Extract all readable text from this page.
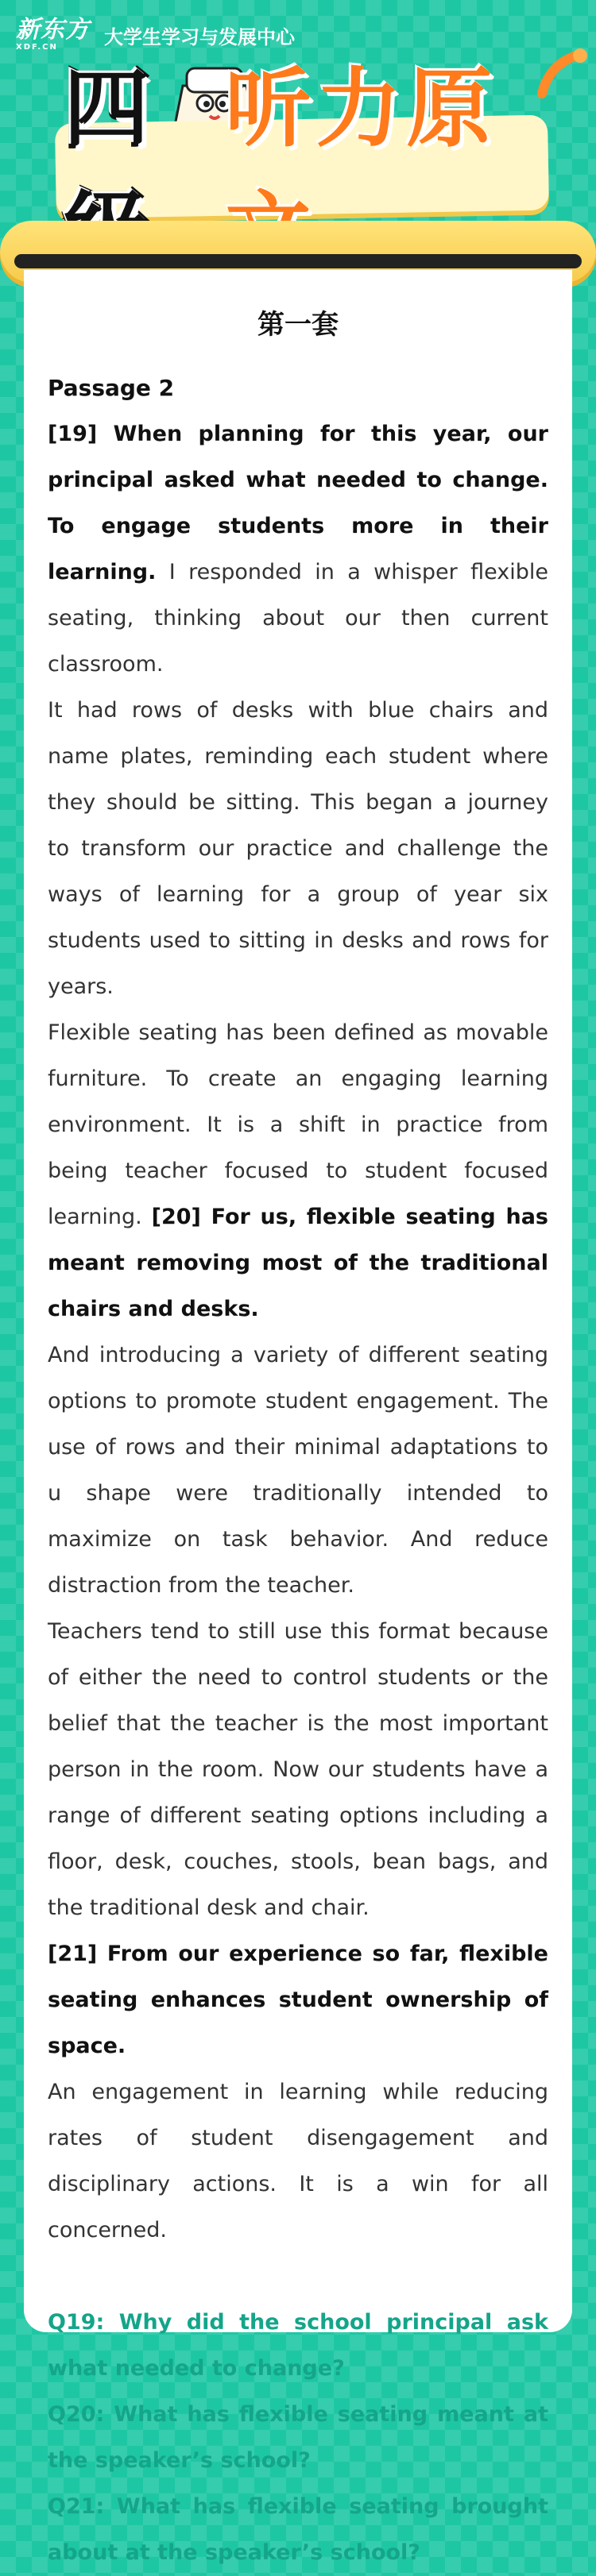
新东方
XDF.CN	大学生学习与发展中心
四 听力原
第一套
Passage 2

[19] When planning for this year, our principal asked what needed to change. To engage students more in their learning. I responded in a whisper flexible seating, thinking about our then current classroom.

It had rows of desks with blue chairs and name plates, reminding each student where they should be sitting. This began a journey to transform our practice and challenge the ways of learning for a group of year six students used to sitting in desks and rows for years.

Flexible seating has been defined as movable furniture. To create an engaging learning environment. It is a shift in practice from being teacher focused to student focused learning. [20] For us, flexible seating has meant removing most of the traditional chairs and desks.

And introducing a variety of different seating options to promote student engagement. The use of rows and their minimal adaptations to u shape were traditionally intended to maximize on task behavior. And reduce distraction from the teacher.

Teachers tend to still use this format because of either the need to control students or the belief that the teacher is the most important person in the room. Now our students have a range of different seating options including a floor, desk, couches, stools, bean bags, and the traditional desk and chair.

[21] From our experience so far, flexible seating enhances student ownership of space.

An engagement in learning while reducing rates of student disengagement and disciplinary actions. It is a win for all concerned.

Q19: Why did the school principal ask what needed to change?

Q20: What has flexible seating meant at the speaker’s school?

Q21: What has flexible seating brought about at the speaker’s school?
